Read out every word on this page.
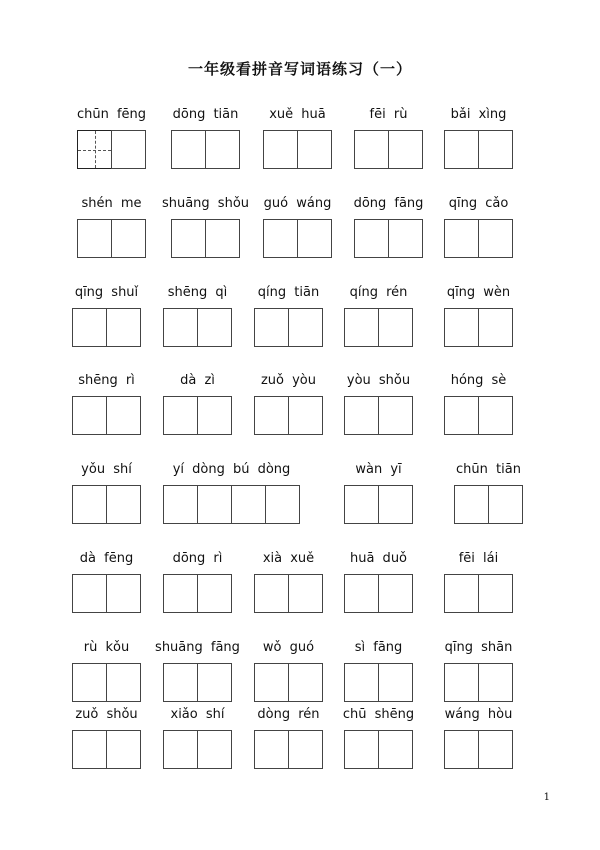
一年级看拼音写词语练习（一）
chūn fēng	dōng tiān	xuě huā	fēi rù	bǎi xìng
shén me	shuāng shǒu	guó wáng	dōng fāng	qīng cǎo
qīng shuǐ	shēng qì	qíng tiān	qíng rén	qīng wèn
shēng rì	dà zì	zuǒ yòu	yòu shǒu	hóng sè
yǒu shí	yí dòng bú dòng	wàn yī	chūn tiān
dà fēng	dōng rì	xià xuě	huā duǒ	fēi lái
rù kǒu	shuāng fāng	wǒ guó	sì fāng	qīng shān
zuǒ shǒu	xiǎo shí	dòng rén	chū shēng	wáng hòu
1
